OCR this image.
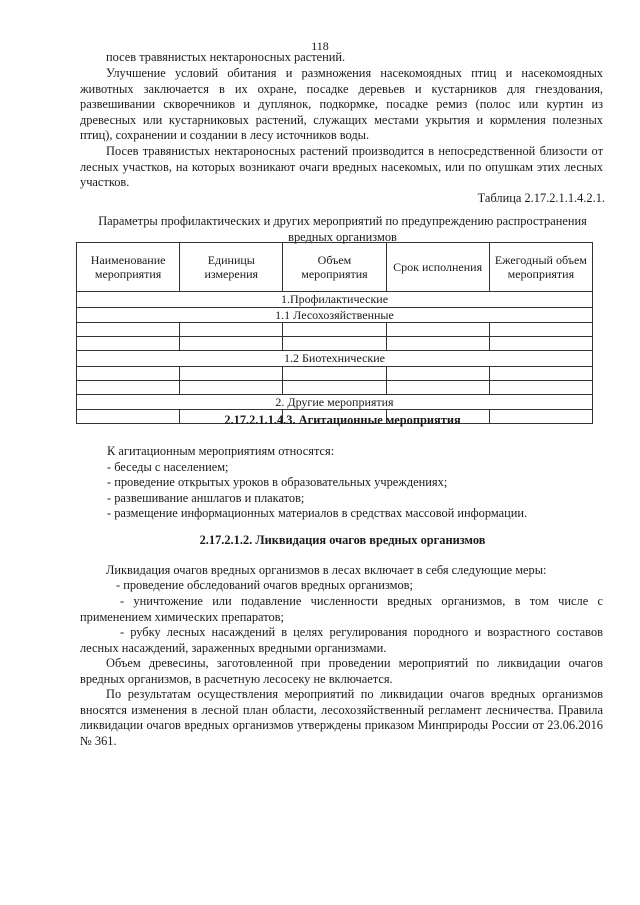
118

посев травянистых нектароносных растений.

Улучшение условий обитания и размножения насекомоядных птиц и насекомоядных животных заключается в их охране, посадке деревьев и кустарников для гнездования, развешивании скворечников и дуплянок, подкормке, посадке ремиз (полос или куртин из древесных или кустарниковых растений, служащих местами укрытия и кормления полезных птиц), сохранении и создании в лесу источников воды.

Посев травянистых нектароносных растений производится в непосредственной близости от лесных участков, на которых возникают очаги вредных насекомых, или по опушкам этих лесных участков.

Таблица 2.17.2.1.1.4.2.1.
Параметры профилактических и других мероприятий по предупреждению распространения вредных организмов
Наименование мероприятия	Единицы измерения	Объем мероприятия	Срок исполнения	Ежегодный объем мероприятия
1.Профилактические				
1.1 Лесохозяйственные				

1.2 Биотехнические				

2. Другие мероприятия				

2.17.2.1.1.4.3. Агитационные мероприятия
К агитационным мероприятиям относятся:
- беседы с населением;
- проведение открытых уроков в образовательных учреждениях;
- развешивание аншлагов и плакатов;
- размещение информационных материалов в средствах массовой информации.
2.17.2.1.2. Ликвидация очагов вредных организмов

Ликвидация очагов вредных организмов в лесах включает в себя следующие меры:

- проведение обследований очагов вредных организмов;

- уничтожение или подавление численности вредных организмов, в том числе с применением химических препаратов;

- рубку лесных насаждений в целях регулирования породного и возрастного составов лесных насаждений, зараженных вредными организмами.

Объем древесины, заготовленной при проведении мероприятий по ликвидации очагов вредных организмов, в расчетную лесосеку не включается.

По результатам осуществления мероприятий по ликвидации очагов вредных организмов вносятся изменения в лесной план области, лесохозяйственный регламент лесничества. Правила ликвидации очагов вредных организмов утверждены приказом Минприроды России от 23.06.2016 № 361.
